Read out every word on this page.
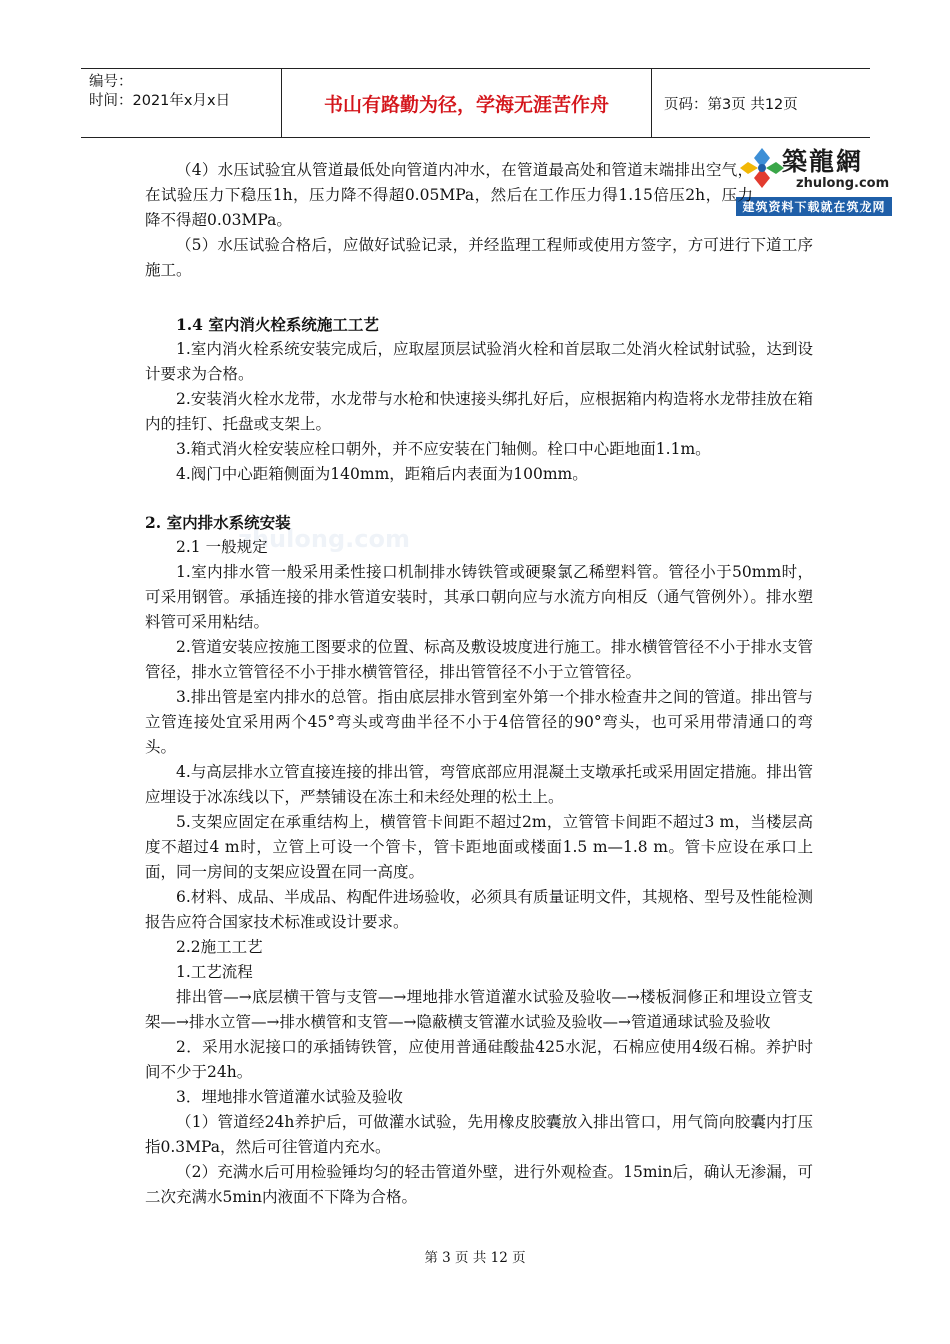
编号：
时间：2021年x月x日	书山有路勤为径，学海无涯苦作舟	页码：第3页 共12页
築龍網
zhulong.com
建筑资料下载就在筑龙网
zhulong.com

（4）水压试验宜从管道最低处向管道内冲水，在管道最高处和管道末端排出空气，在试验压力下稳压1h，压力降不得超0.05MPa，然后在工作压力得1.15倍压2h，压力降不得超0.03MPa。

（5）水压试验合格后，应做好试验记录，并经监理工程师或使用方签字，方可进行下道工序施工。

1.4 室内消火栓系统施工工艺

1.室内消火栓系统安装完成后，应取屋顶层试验消火栓和首层取二处消火栓试射试验，达到设计要求为合格。

2.安装消火栓水龙带，水龙带与水枪和快速接头绑扎好后，应根据箱内构造将水龙带挂放在箱内的挂钉、托盘或支架上。

3.箱式消火栓安装应栓口朝外，并不应安装在门轴侧。栓口中心距地面1.1m。

4.阀门中心距箱侧面为140mm，距箱后内表面为100mm。

2. 室内排水系统安装

2.1 一般规定

1.室内排水管一般采用柔性接口机制排水铸铁管或硬聚氯乙稀塑料管。管径小于50mm时，可采用钢管。承插连接的排水管道安装时，其承口朝向应与水流方向相反（通气管例外）。排水塑料管可采用粘结。

2.管道安装应按施工图要求的位置、标高及敷设坡度进行施工。排水横管管径不小于排水支管管径，排水立管管径不小于排水横管管径，排出管管径不小于立管管径。

3.排出管是室内排水的总管。指由底层排水管到室外第一个排水检查井之间的管道。排出管与立管连接处宜采用两个45°弯头或弯曲半径不小于4倍管径的90°弯头，也可采用带清通口的弯头。

4.与高层排水立管直接连接的排出管，弯管底部应用混凝土支墩承托或采用固定措施。排出管应埋设于冰冻线以下，严禁铺设在冻土和未经处理的松土上。

5.支架应固定在承重结构上，横管管卡间距不超过2m，立管管卡间距不超过3 m，当楼层高度不超过4 m时，立管上可设一个管卡，管卡距地面或楼面1.5 m—1.8 m。管卡应设在承口上面，同一房间的支架应设置在同一高度。

6.材料、成品、半成品、构配件进场验收，必须具有质量证明文件，其规格、型号及性能检测报告应符合国家技术标准或设计要求。

2.2施工工艺

1.工艺流程

排出管—→底层横干管与支管—→埋地排水管道灌水试验及验收—→楼板洞修正和埋设立管支架—→排水立管—→排水横管和支管—→隐蔽横支管灌水试验及验收—→管道通球试验及验收

2．采用水泥接口的承插铸铁管，应使用普通硅酸盐425水泥，石棉应使用4级石棉。养护时间不少于24h。

3．埋地排水管道灌水试验及验收

（1）管道经24h养护后，可做灌水试验，先用橡皮胶囊放入排出管口，用气筒向胶囊内打压指0.3MPa，然后可往管道内充水。

（2）充满水后可用检验锤均匀的轻击管道外壁，进行外观检查。15min后，确认无渗漏，可二次充满水5min内液面不下降为合格。

第 3 页 共 12 页
